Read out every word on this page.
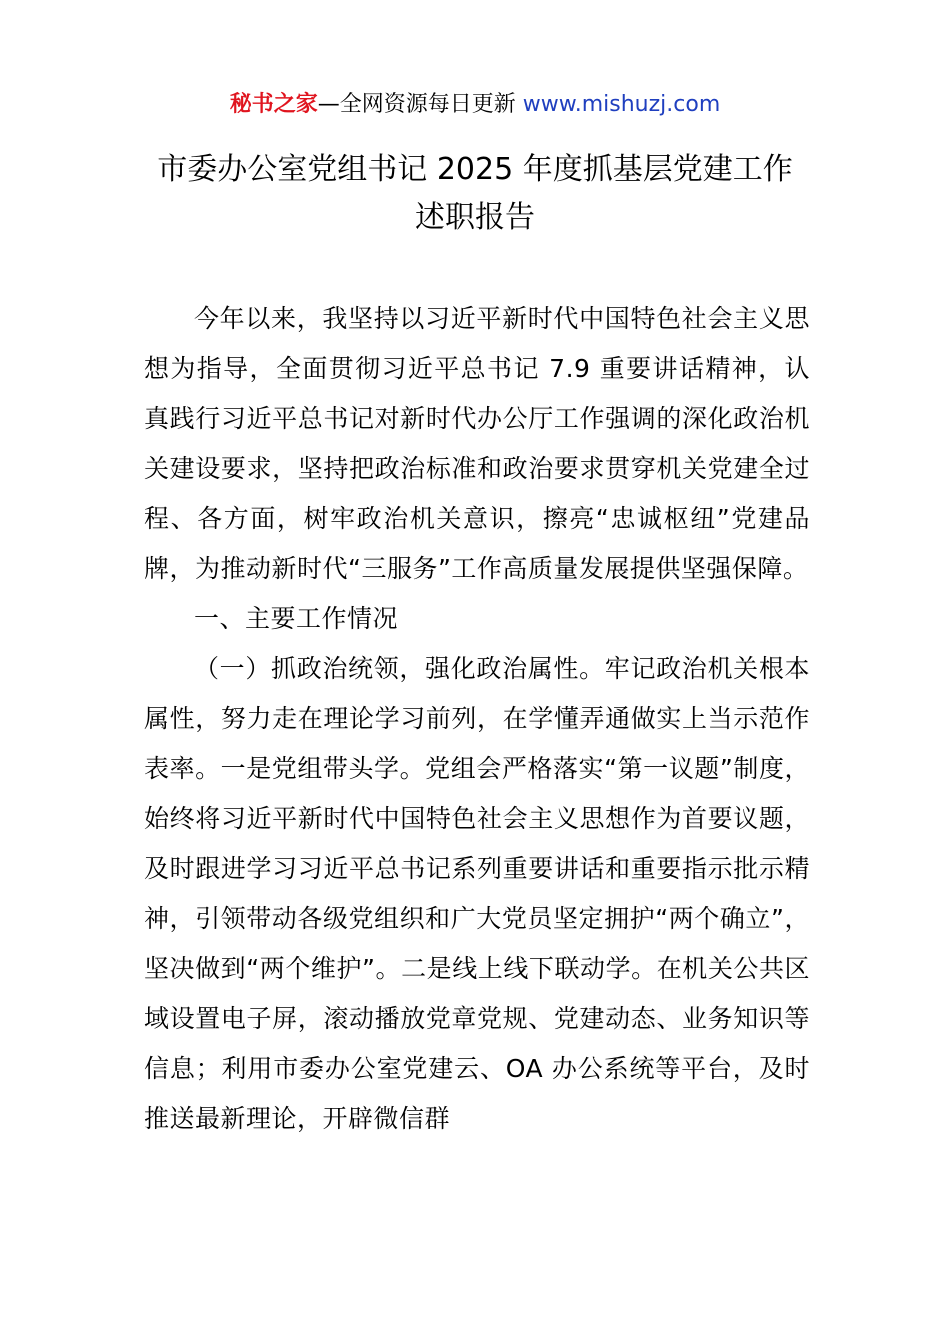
秘书之家—全网资源每日更新 www.mishuzj.com
市委办公室党组书记 2025 年度抓基层党建工作
述职报告

今年以来，我坚持以习近平新时代中国特色社会主义思想为指导，全面贯彻习近平总书记 7.9 重要讲话精神，认真践行习近平总书记对新时代办公厅工作强调的深化政治机关建设要求，坚持把政治标准和政治要求贯穿机关党建全过程、各方面，树牢政治机关意识，擦亮“忠诚枢纽”党建品牌，为推动新时代“三服务”工作高质量发展提供坚强保障。

一、主要工作情况

（一）抓政治统领，强化政治属性。牢记政治机关根本属性，努力走在理论学习前列，在学懂弄通做实上当示范作表率。一是党组带头学。党组会严格落实“第一议题”制度，始终将习近平新时代中国特色社会主义思想作为首要议题，及时跟进学习习近平总书记系列重要讲话和重要指示批示精神，引领带动各级党组织和广大党员坚定拥护“两个确立”，坚决做到“两个维护”。二是线上线下联动学。在机关公共区域设置电子屏，滚动播放党章党规、党建动态、业务知识等信息；利用市委办公室党建云、OA 办公系统等平台，及时推送最新理论，开辟微信群
